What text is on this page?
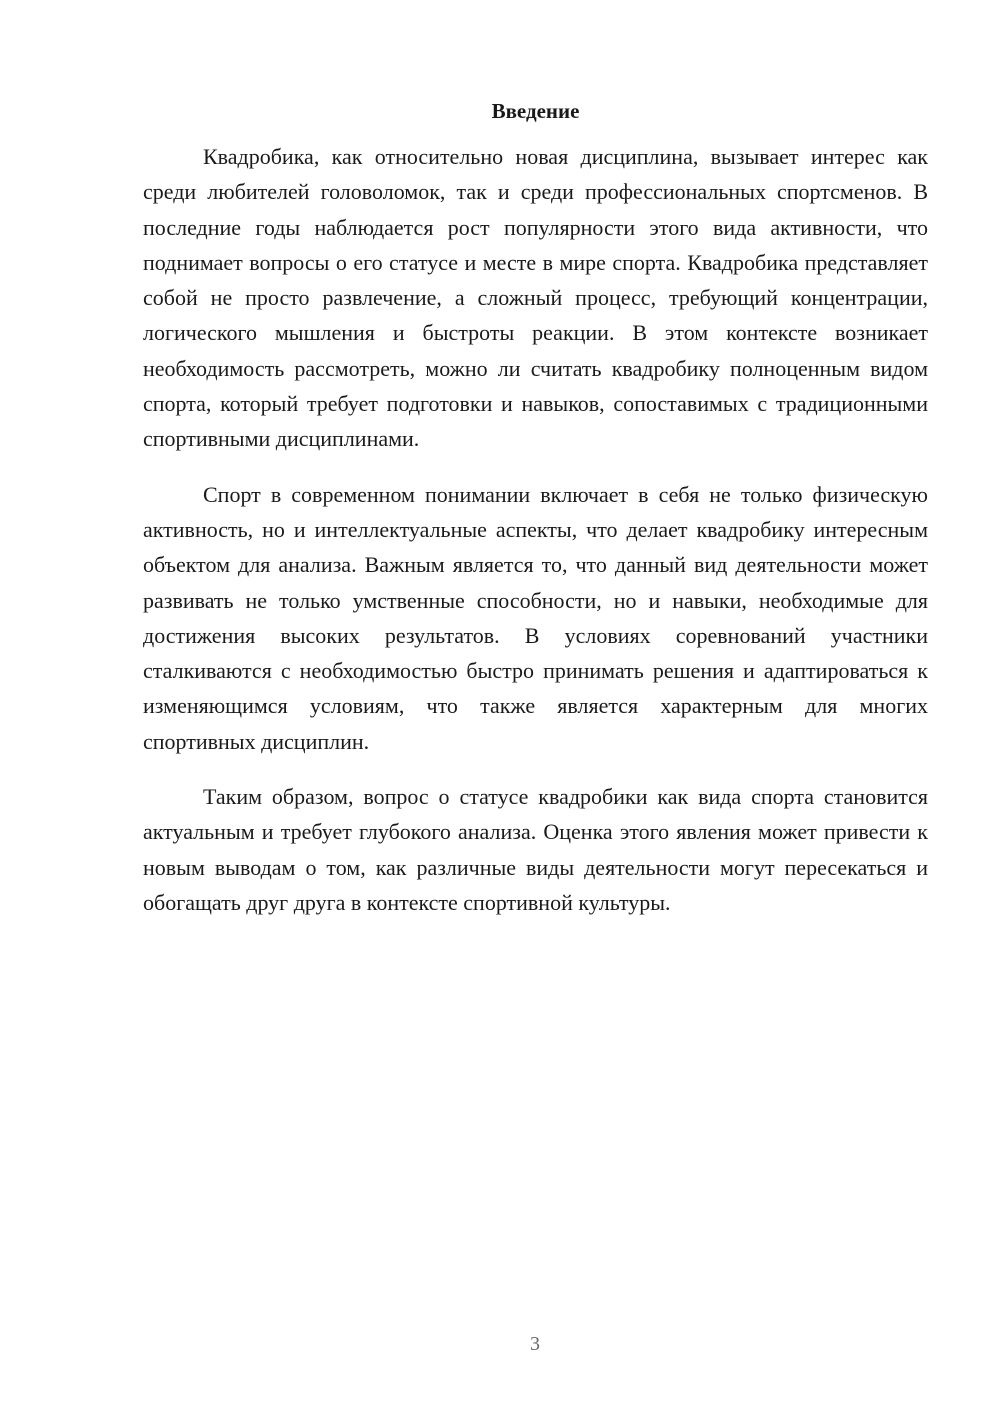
Введение

Квадробика, как относительно новая дисциплина, вызывает интерес как среди любителей головоломок, так и среди профессиональных спортсменов. В последние годы наблюдается рост популярности этого вида активности, что поднимает вопросы о его статусе и месте в мире спорта. Квадробика представляет собой не просто развлечение, а сложный процесс, требующий концентрации, логического мышления и быстроты реакции. В этом контексте возникает необходимость рассмотреть, можно ли считать квадробику полноценным видом спорта, который требует подготовки и навыков, сопоставимых с традиционными спортивными дисциплинами.

Спорт в современном понимании включает в себя не только физическую активность, но и интеллектуальные аспекты, что делает квадробику интересным объектом для анализа. Важным является то, что данный вид деятельности может развивать не только умственные способности, но и навыки, необходимые для достижения высоких результатов. В условиях соревнований участники сталкиваются с необходимостью быстро принимать решения и адаптироваться к изменяющимся условиям, что также является характерным для многих спортивных дисциплин.

Таким образом, вопрос о статусе квадробики как вида спорта становится актуальным и требует глубокого анализа. Оценка этого явления может привести к новым выводам о том, как различные виды деятельности могут пересекаться и обогащать друг друга в контексте спортивной культуры.

3
